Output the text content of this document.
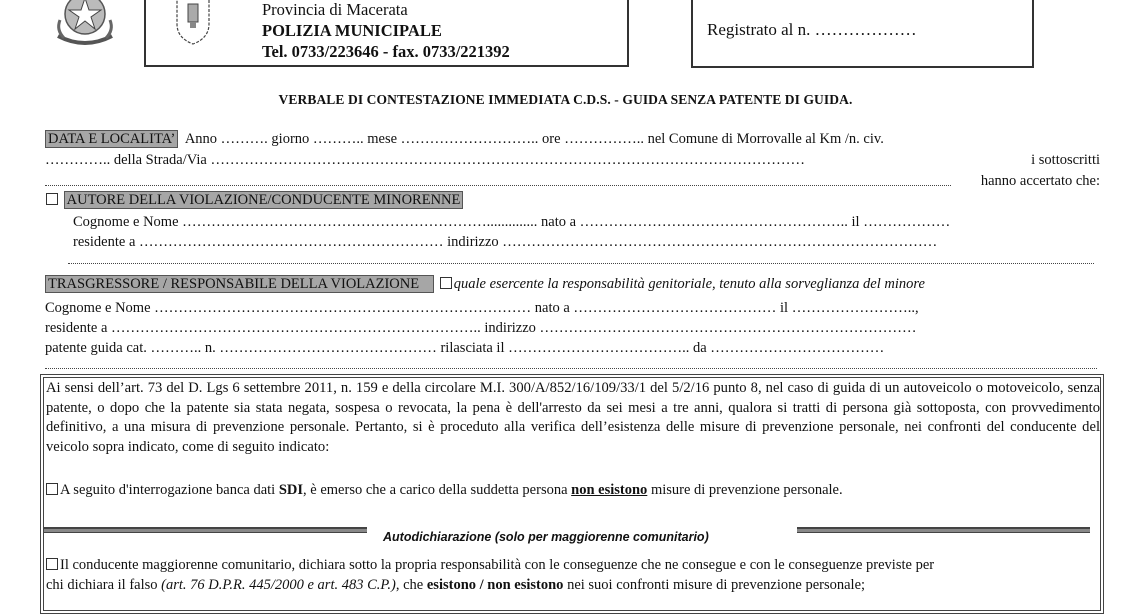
Provincia di Macerata
POLIZIA MUNICIPALE
Tel. 0733/223646 - fax. 0733/221392
Registrato al n. ………………
VERBALE DI CONTESTAZIONE IMMEDIATA C.D.S. - GUIDA SENZA PATENTE DI GUIDA.
DATA E LOCALITA’ Anno ………. giorno ……….. mese ……………………….. ore …………….. nel Comune di Morrovalle al Km /n. civ.
………….. della Strada/Via ……………………………………………………………………………………………………………	i sottoscritti
hanno accertato che:
AUTORE DELLA VIOLAZIONE/CONDUCENTE MINORENNE
Cognome e Nome ……………………………………………………….............. nato a ……………………………………………….. il ………………
residente a ……………………………………………………… indirizzo ………………………………………………………………………………
TRASGRESSORE / RESPONSABILE DELLA VIOLAZIONE quale esercente la responsabilità genitoriale, tenuto alla sorveglianza del minore
Cognome e Nome …………………………………………………………………… nato a …………………………………… il ……………………..,
residente a ………………………………………………………………….. indirizzo ……………………………………………………………………
patente guida cat. ……….. n. ……………………………………… rilasciata il ……………………………….. da ………………………………
Ai sensi dell’art. 73 del D. Lgs 6 settembre 2011, n. 159 e della circolare M.I. 300/A/852/16/109/33/1 del 5/2/16 punto 8, nel caso di guida di un autoveicolo o motoveicolo, senza patente, o dopo che la patente sia stata negata, sospesa o revocata, la pena è dell'arresto da sei mesi a tre anni, qualora si tratti di persona già sottoposta, con provvedimento definitivo, a una misura di prevenzione personale. Pertanto, si è proceduto alla verifica dell’esistenza delle misure di prevenzione personale, nei confronti del conducente del veicolo sopra indicato, come di seguito indicato:
A seguito d'interrogazione banca dati SDI, è emerso che a carico della suddetta persona non esistono misure di prevenzione personale.
Autodichiarazione (solo per maggiorenne comunitario)
Il conducente maggiorenne comunitario, dichiara sotto la propria responsabilità con le conseguenze che ne consegue e con le conseguenze previste per
chi dichiara il falso (art. 76 D.P.R. 445/2000 e art. 483 C.P.), che esistono / non esistono nei suoi confronti misure di prevenzione personale;
